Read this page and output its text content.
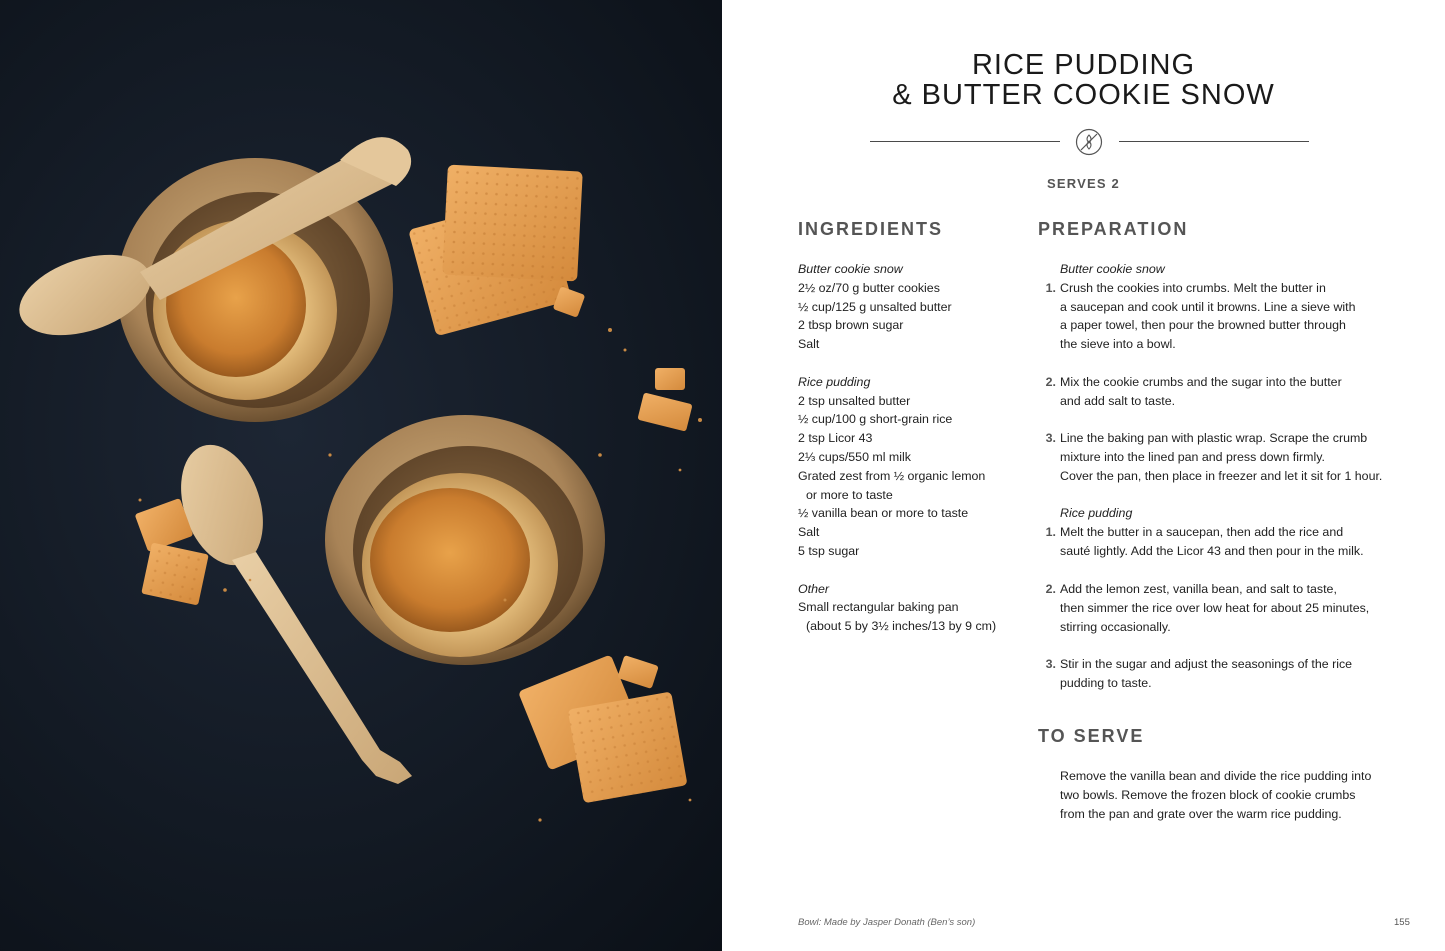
RICE PUDDING
& BUTTER COOKIE SNOW
SERVES 2
INGREDIENTS
Butter cookie snow
2½ oz/70 g butter cookies
½ cup/125 g unsalted butter
2 tbsp brown sugar
Salt
Rice pudding
2 tsp unsalted butter
½ cup/100 g short-grain rice
2 tsp Licor 43
2⅓ cups/550 ml milk
Grated zest from ½ organic lemon
or more to taste
½ vanilla bean or more to taste
Salt
5 tsp sugar
Other
Small rectangular baking pan
(about 5 by 3½ inches/13 by 9 cm)
PREPARATION
Butter cookie snow
1. Crush the cookies into crumbs. Melt the butter in
a saucepan and cook until it browns. Line a sieve with
a paper towel, then pour the browned butter through
the sieve into a bowl.
2. Mix the cookie crumbs and the sugar into the butter
and add salt to taste.
3. Line the baking pan with plastic wrap. Scrape the crumb
mixture into the lined pan and press down firmly.
Cover the pan, then place in freezer and let it sit for 1 hour.
Rice pudding
1. Melt the butter in a saucepan, then add the rice and
sauté lightly. Add the Licor 43 and then pour in the milk.
2. Add the lemon zest, vanilla bean, and salt to taste,
then simmer the rice over low heat for about 25 minutes,
stirring occasionally.
3. Stir in the sugar and adjust the seasonings of the rice
pudding to taste.
TO SERVE
Remove the vanilla bean and divide the rice pudding into
two bowls. Remove the frozen block of cookie crumbs
from the pan and grate over the warm rice pudding.
Bowl: Made by Jasper Donath (Ben’s son)	155
